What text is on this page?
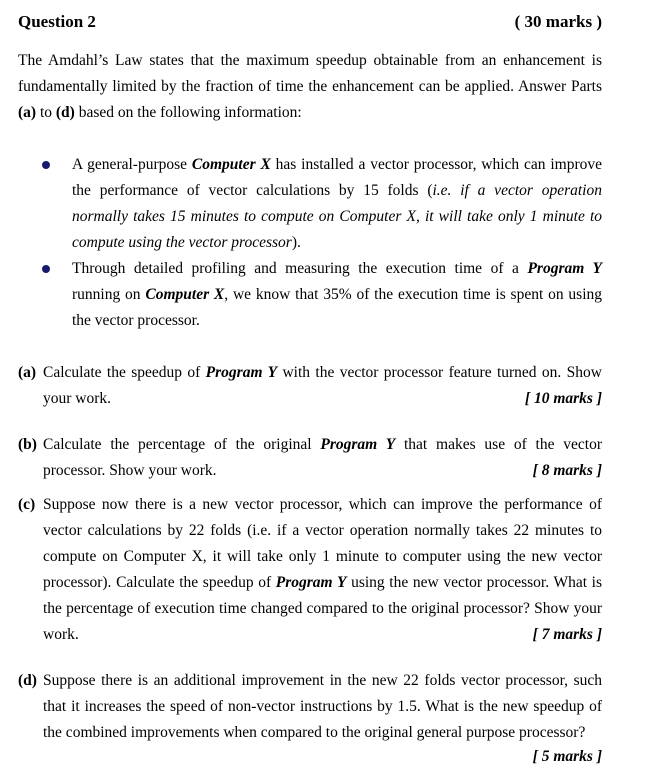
Question 2	( 30 marks )
The Amdahl’s Law states that the maximum speedup obtainable from an enhancement is fundamentally limited by the fraction of time the enhancement can be applied. Answer Parts (a) to (d) based on the following information:
A general-purpose Computer X has installed a vector processor, which can improve the performance of vector calculations by 15 folds (i.e. if a vector operation normally takes 15 minutes to compute on Computer X, it will take only 1 minute to compute using the vector processor).
Through detailed profiling and measuring the execution time of a Program Y running on Computer X, we know that 35% of the execution time is spent on using the vector processor.
(a) Calculate the speedup of Program Y with the vector processor feature turned on. Show your work.	[ 10 marks ]
(b) Calculate the percentage of the original Program Y that makes use of the vector processor. Show your work.	[ 8 marks ]
(c) Suppose now there is a new vector processor, which can improve the performance of vector calculations by 22 folds (i.e. if a vector operation normally takes 22 minutes to compute on Computer X, it will take only 1 minute to computer using the new vector processor). Calculate the speedup of Program Y using the new vector processor. What is the percentage of execution time changed compared to the original processor? Show your work.	[ 7 marks ]
(d) Suppose there is an additional improvement in the new 22 folds vector processor, such that it increases the speed of non-vector instructions by 1.5. What is the new speedup of the combined improvements when compared to the original general purpose processor?
[ 5 marks ]
